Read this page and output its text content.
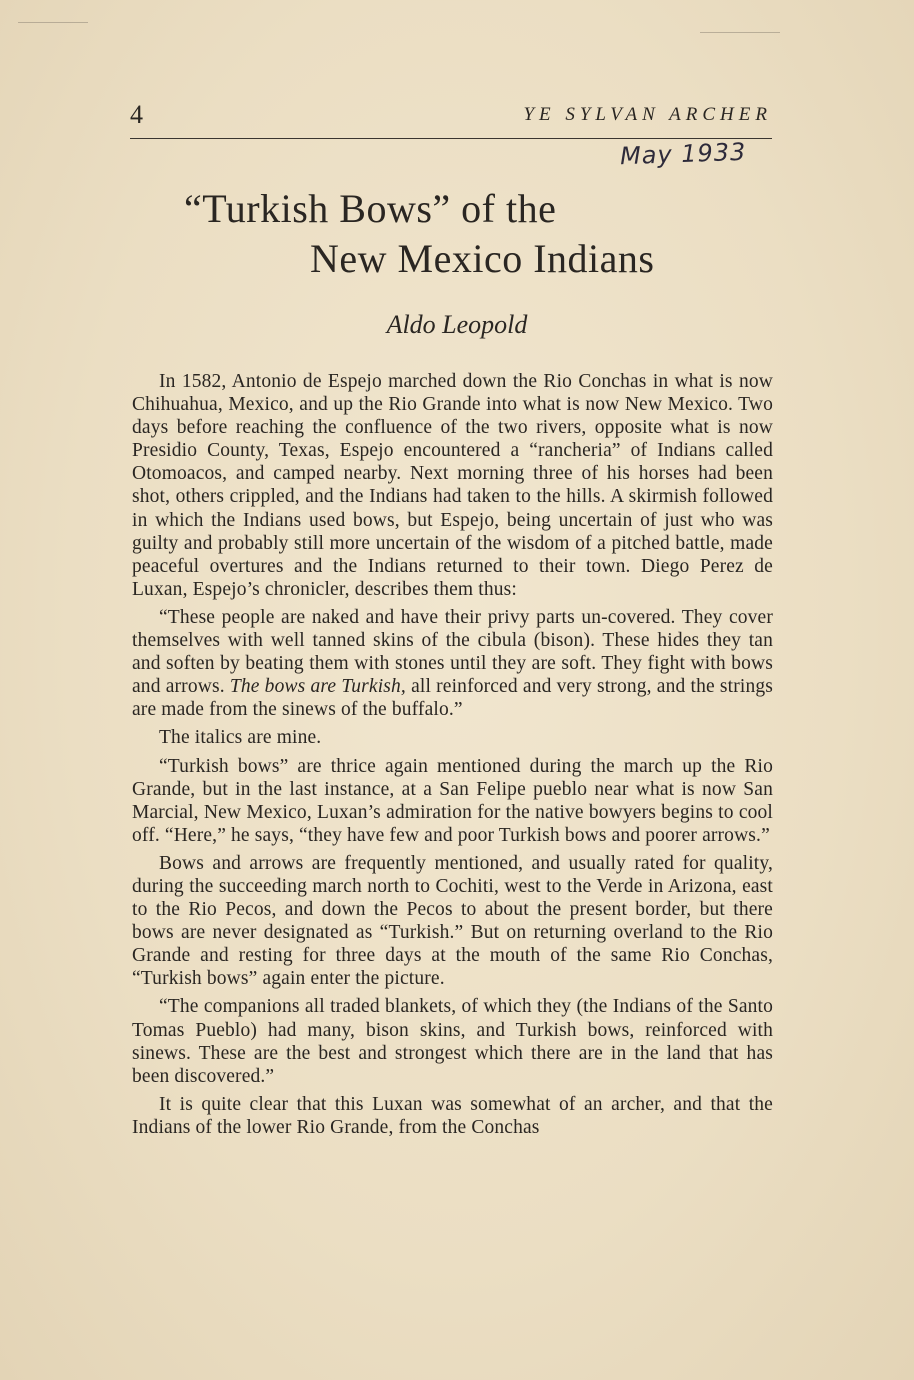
4	YE SYLVAN ARCHER
May 1933
“Turkish Bows” of the
New Mexico Indians
Aldo Leopold

In 1582, Antonio de Espejo marched down the Rio Conchas in what is now Chihuahua, Mexico, and up the Rio Grande into what is now New Mexico. Two days before reaching the confluence of the two rivers, opposite what is now Presidio County, Texas, Espejo encountered a “rancheria” of Indians called Otomoacos, and camped nearby. Next morning three of his horses had been shot, others crippled, and the Indians had taken to the hills. A skirmish followed in which the Indians used bows, but Espejo, being uncertain of just who was guilty and probably still more uncertain of the wisdom of a pitched battle, made peaceful overtures and the Indians returned to their town. Diego Perez de Luxan, Espejo’s chronicler, describes them thus:

“These people are naked and have their privy parts un-covered. They cover themselves with well tanned skins of the cibula (bison). These hides they tan and soften by beating them with stones until they are soft. They fight with bows and arrows. The bows are Turkish, all reinforced and very strong, and the strings are made from the sinews of the buffalo.”

The italics are mine.

“Turkish bows” are thrice again mentioned during the march up the Rio Grande, but in the last instance, at a San Felipe pueblo near what is now San Marcial, New Mexico, Luxan’s admiration for the native bowyers begins to cool off. “Here,” he says, “they have few and poor Turkish bows and poorer arrows.”

Bows and arrows are frequently mentioned, and usually rated for quality, during the succeeding march north to Cochiti, west to the Verde in Arizona, east to the Rio Pecos, and down the Pecos to about the present border, but there bows are never designated as “Turkish.” But on returning overland to the Rio Grande and resting for three days at the mouth of the same Rio Conchas, “Turkish bows” again enter the picture.

“The companions all traded blankets, of which they (the Indians of the Santo Tomas Pueblo) had many, bison skins, and Turkish bows, reinforced with sinews. These are the best and strongest which there are in the land that has been discovered.”

It is quite clear that this Luxan was somewhat of an archer, and that the Indians of the lower Rio Grande, from the Conchas
